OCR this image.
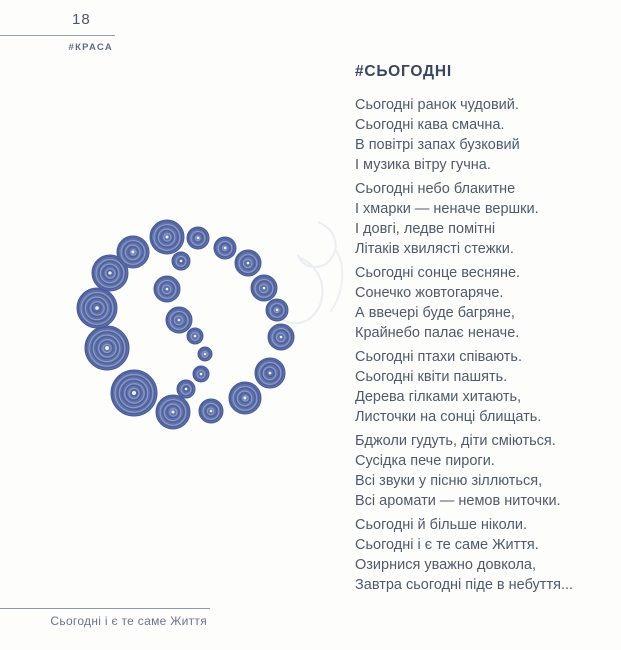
18
#КРАСА
#СЬОГОДНІ
Сьогодні ранок чудовий.
Сьогодні кава смачна.
В повітрі запах бузковий
І музика вітру гучна.
Сьогодні небо блакитне
І хмарки — неначе вершки.
І довгі, ледве помітні
Літаків хвилясті стежки.
Сьогодні сонце весняне.
Сонечко жовтогаряче.
А ввечері буде багряне,
Крайнебо палає неначе.
Сьогодні птахи співають.
Сьогодні квіти пашять.
Дерева гілками хитають,
Листочки на сонці блищать.
Бджоли гудуть, діти сміються.
Сусідка пече пироги.
Всі звуки у пісню зіллються,
Всі аромати — немов ниточки.
Сьогодні й більше ніколи.
Сьогодні і є те саме Життя.
Озирнися уважно довкола,
Завтра сьогодні піде в небуття...
Сьогодні і є те саме Життя
